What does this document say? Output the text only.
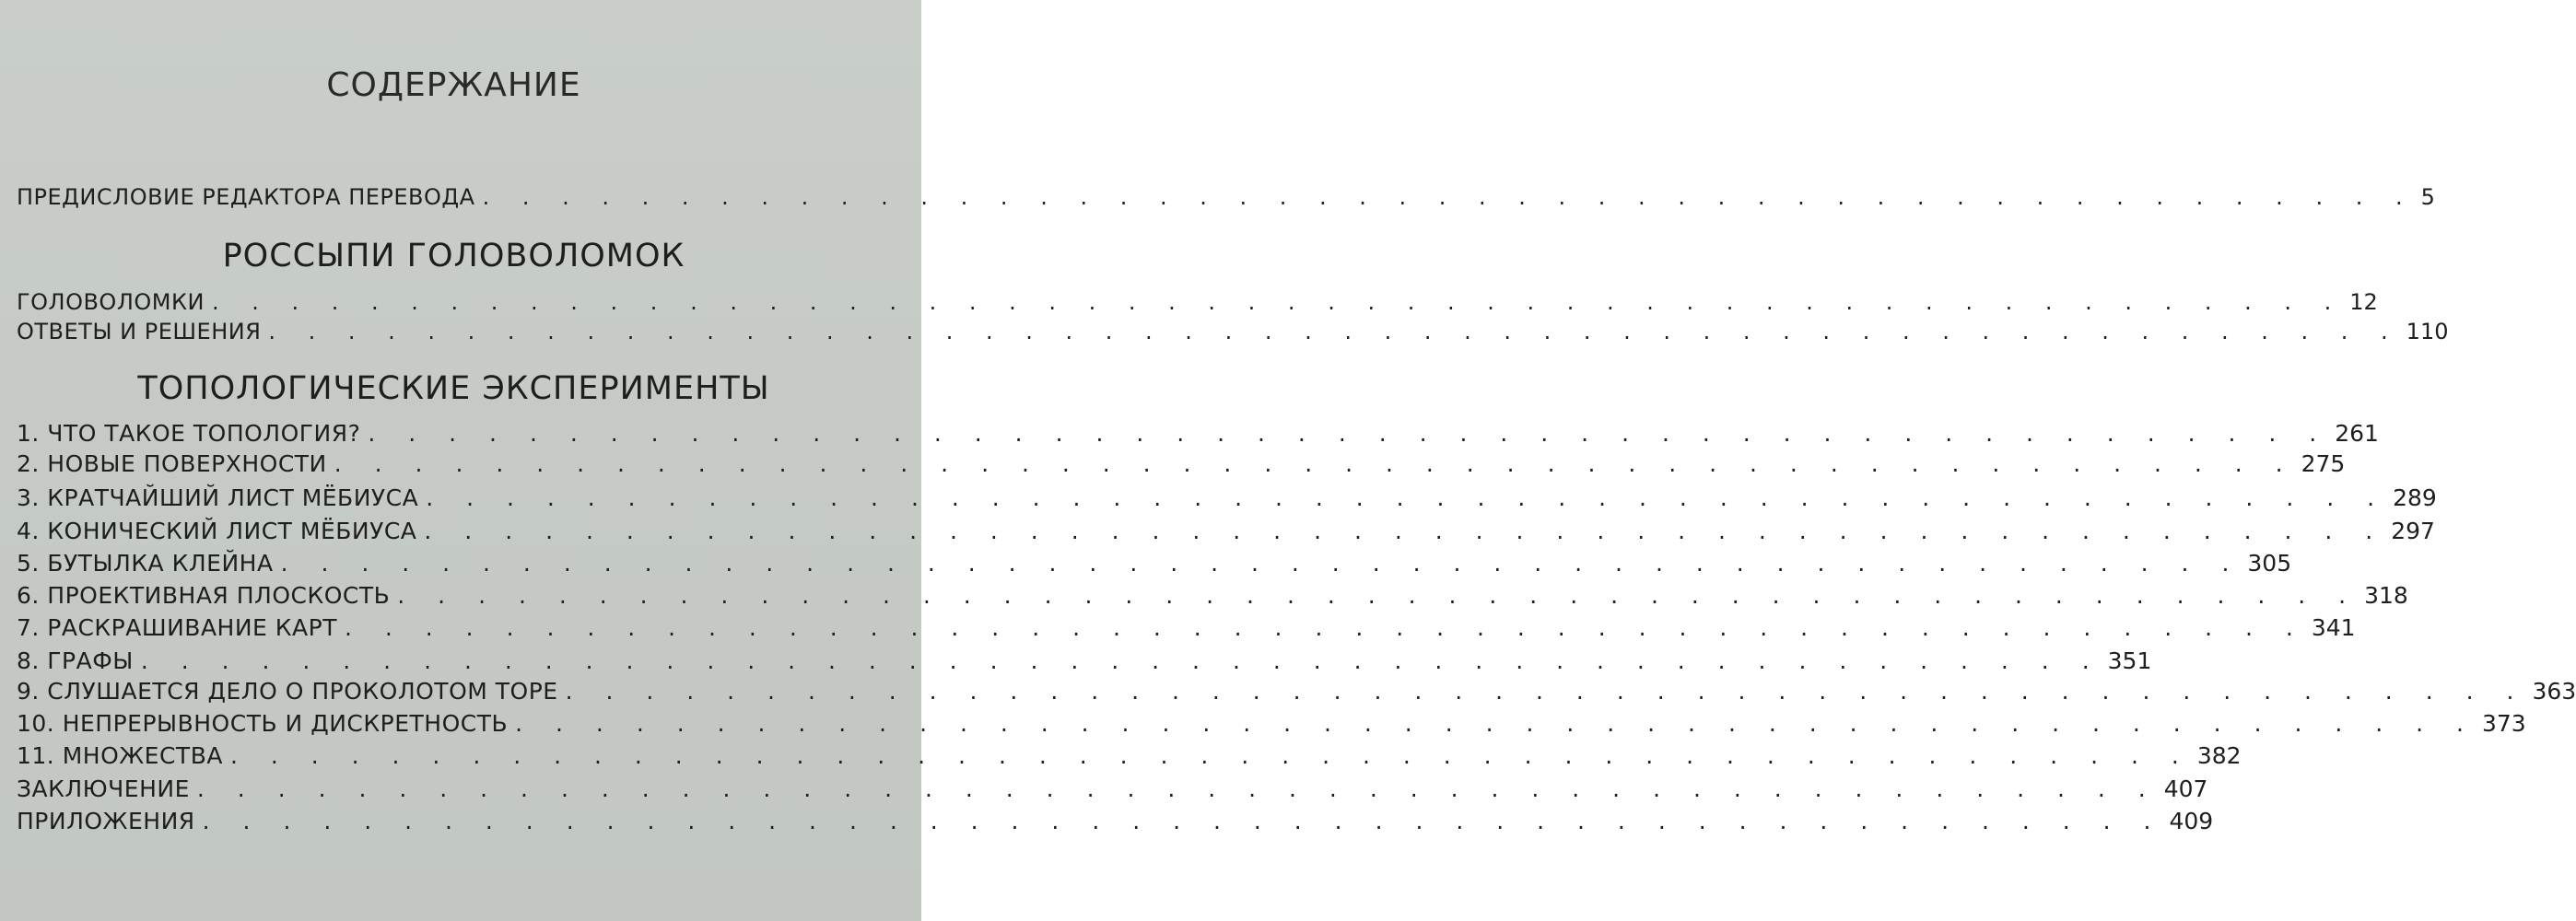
СОДЕРЖАНИЕ
ПРЕДИСЛОВИЕ РЕДАКТОРА ПЕРЕВОДА . . . . . . . . . . . . . . . . . . . . . . . . . . . . . . . . . . . . . . . . . . . . . . . . . 5
РОССЫПИ ГОЛОВОЛОМОК
ГОЛОВОЛОМКИ . . . . . . . . . . . . . . . . . . . . . . . . . . . . . . . . . . . . . . . . . . . . . . . . . . . . . . 12
ОТВЕТЫ И РЕШЕНИЯ . . . . . . . . . . . . . . . . . . . . . . . . . . . . . . . . . . . . . . . . . . . . . . . . . . . . . . 110
ТОПОЛОГИЧЕСКИЕ ЭКСПЕРИМЕНТЫ
1. ЧТО ТАКОЕ ТОПОЛОГИЯ? . . . . . . . . . . . . . . . . . . . . . . . . . . . . . . . . . . . . . . . . . . . . . . . . . 261
2. НОВЫЕ ПОВЕРХНОСТИ . . . . . . . . . . . . . . . . . . . . . . . . . . . . . . . . . . . . . . . . . . . . . . . . . 275
3. КРАТЧАЙШИЙ ЛИСТ МЁБИУСА . . . . . . . . . . . . . . . . . . . . . . . . . . . . . . . . . . . . . . . . . . . . . . . . . 289
4. КОНИЧЕСКИЙ ЛИСТ МЁБИУСА . . . . . . . . . . . . . . . . . . . . . . . . . . . . . . . . . . . . . . . . . . . . . . . . . 297
5. БУТЫЛКА КЛЕЙНА . . . . . . . . . . . . . . . . . . . . . . . . . . . . . . . . . . . . . . . . . . . . . . . . . 305
6. ПРОЕКТИВНАЯ ПЛОСКОСТЬ . . . . . . . . . . . . . . . . . . . . . . . . . . . . . . . . . . . . . . . . . . . . . . . . . 318
7. РАСКРАШИВАНИЕ КАРТ . . . . . . . . . . . . . . . . . . . . . . . . . . . . . . . . . . . . . . . . . . . . . . . . . 341
8. ГРАФЫ . . . . . . . . . . . . . . . . . . . . . . . . . . . . . . . . . . . . . . . . . . . . . . . . . 351
9. СЛУШАЕТСЯ ДЕЛО О ПРОКОЛОТОМ ТОРЕ . . . . . . . . . . . . . . . . . . . . . . . . . . . . . . . . . . . . . . . . . . . . . . . . . 363
10. НЕПРЕРЫВНОСТЬ И ДИСКРЕТНОСТЬ . . . . . . . . . . . . . . . . . . . . . . . . . . . . . . . . . . . . . . . . . . . . . . . . . 373
11. МНОЖЕСТВА . . . . . . . . . . . . . . . . . . . . . . . . . . . . . . . . . . . . . . . . . . . . . . . . . 382
ЗАКЛЮЧЕНИЕ . . . . . . . . . . . . . . . . . . . . . . . . . . . . . . . . . . . . . . . . . . . . . . . . . 407
ПРИЛОЖЕНИЯ . . . . . . . . . . . . . . . . . . . . . . . . . . . . . . . . . . . . . . . . . . . . . . . . . 409
